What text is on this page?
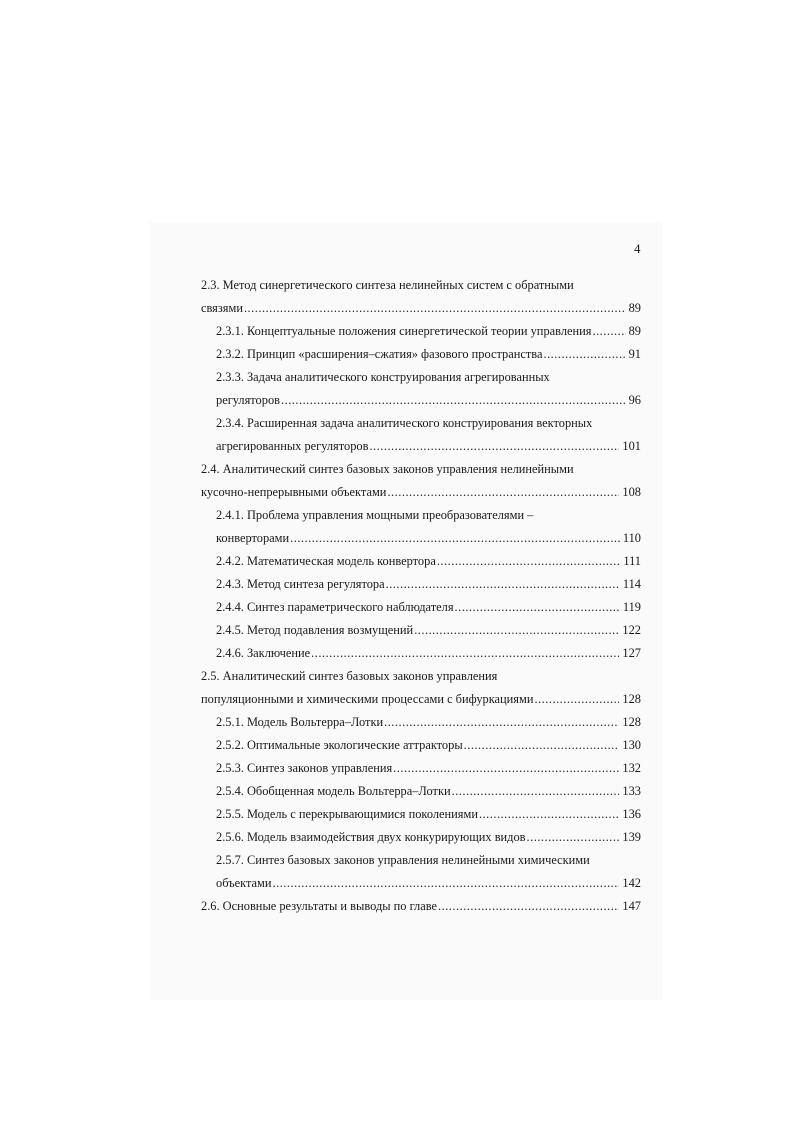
4
2.3. Метод синергетического синтеза нелинейных систем с обратными
связями .....	89
2.3.1. Концептуальные положения синергетической теории управления .....	89
2.3.2. Принцип «расширения–сжатия» фазового пространства .....	91
2.3.3. Задача аналитического конструирования агрегированных
регуляторов .....	96
2.3.4. Расширенная задача аналитического конструирования векторных
агрегированных регуляторов .....	101
2.4. Аналитический синтез базовых законов управления нелинейными
кусочно-непрерывными объектами .....	108
2.4.1. Проблема управления мощными преобразователями –
конверторами .....	110
2.4.2. Математическая модель конвертора .....	111
2.4.3. Метод синтеза регулятора .....	114
2.4.4. Синтез параметрического наблюдателя .....	119
2.4.5. Метод подавления возмущений .....	122
2.4.6. Заключение .....	127
2.5. Аналитический синтез базовых законов управления
популяционными и химическими процессами с бифуркациями .....	128
2.5.1. Модель Вольтерра–Лотки .....	128
2.5.2. Оптимальные экологические аттракторы .....	130
2.5.3. Синтез законов управления .....	132
2.5.4. Обобщенная модель Вольтерра–Лотки .....	133
2.5.5. Модель с перекрывающимися поколениями .....	136
2.5.6. Модель взаимодействия двух конкурирующих видов .....	139
2.5.7. Синтез базовых законов управления нелинейными химическими
объектами .....	142
2.6. Основные результаты и выводы по главе .....	147
